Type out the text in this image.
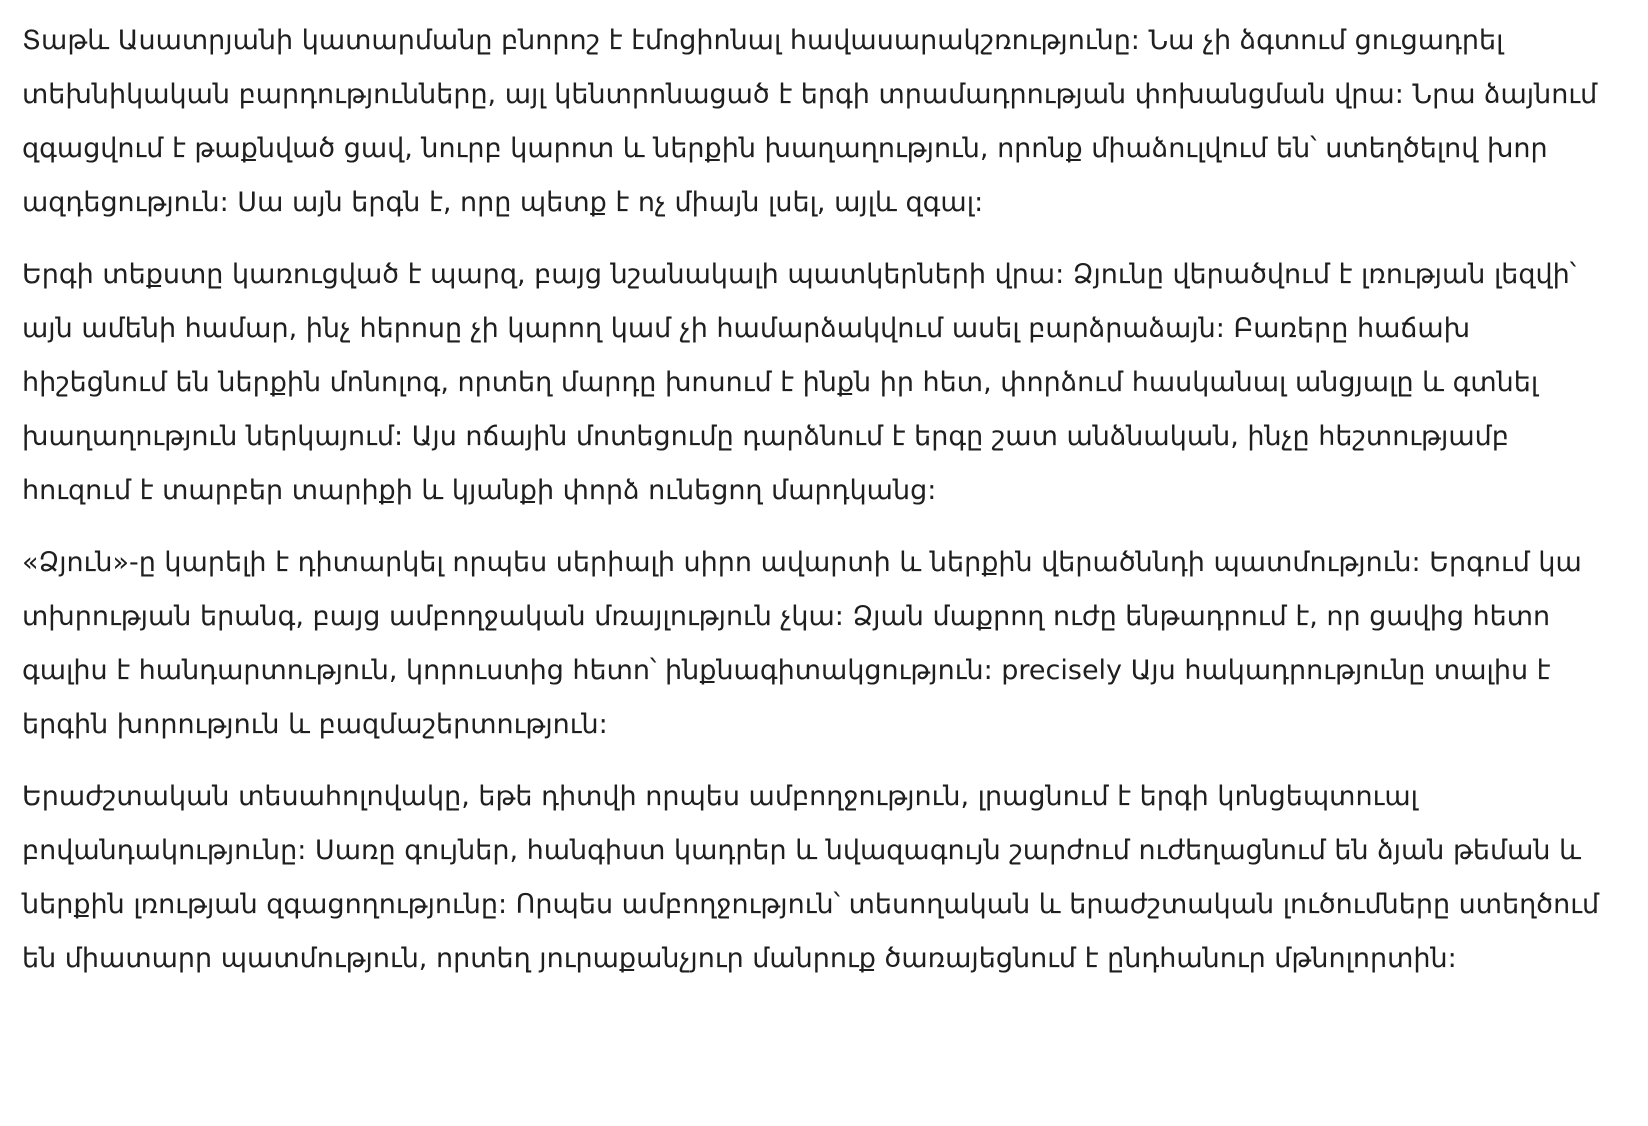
Տաթև Ասատրյանի կատարմանը բնորոշ է էմոցիոնալ հավասարակշռությունը: Նա չի ձգտում ցուցադրել տեխնիկական բարդությունները, այլ կենտրոնացած է երգի տրամադրության փոխանցման վրա: Նրա ձայնում զգացվում է թաքնված ցավ, նուրբ կարոտ և ներքին խաղաղություն, որոնք միաձուլվում են՝ ստեղծելով խոր ազդեցություն: Սա այն երգն է, որը պետք է ոչ միայն լսել, այլև զգալ:

Երգի տեքստը կառուցված է պարզ, բայց նշանակալի պատկերների վրա: Ձյունը վերածվում է լռության լեզվի՝ այն ամենի համար, ինչ հերոսը չի կարող կամ չի համարձակվում ասել բարձրաձայն: Բառերը հաճախ հիշեցնում են ներքին մոնոլոգ, որտեղ մարդը խոսում է ինքն իր հետ, փորձում հասկանալ անցյալը և գտնել խաղաղություն ներկայում: Այս ոճային մոտեցումը դարձնում է երգը շատ անձնական, ինչը հեշտությամբ հուզում է տարբեր տարիքի և կյանքի փորձ ունեցող մարդկանց:

«Ձյուն»-ը կարելի է դիտարկել որպես սերիալի սիրո ավարտի և ներքին վերածննդի պատմություն: Երգում կա տխրության երանգ, բայց ամբողջական մռայլություն չկա: Ձյան մաքրող ուժը ենթադրում է, որ ցավից հետո գալիս է հանդարտություն, կորուստից հետո՝ ինքնագիտակցություն: precisely Այս հակադրությունը տալիս է երգին խորություն և բազմաշերտություն:

Երաժշտական տեսահոլովակը, եթե դիտվի որպես ամբողջություն, լրացնում է երգի կոնցեպտուալ բովանդակությունը: Սառը գույներ, հանգիստ կադրեր և նվազագույն շարժում ուժեղացնում են ձյան թեման և ներքին լռության զգացողությունը: Որպես ամբողջություն՝ տեսողական և երաժշտական լուծումները ստեղծում են միատարր պատմություն, որտեղ յուրաքանչյուր մանրուք ծառայեցնում է ընդհանուր մթնոլորտին:
